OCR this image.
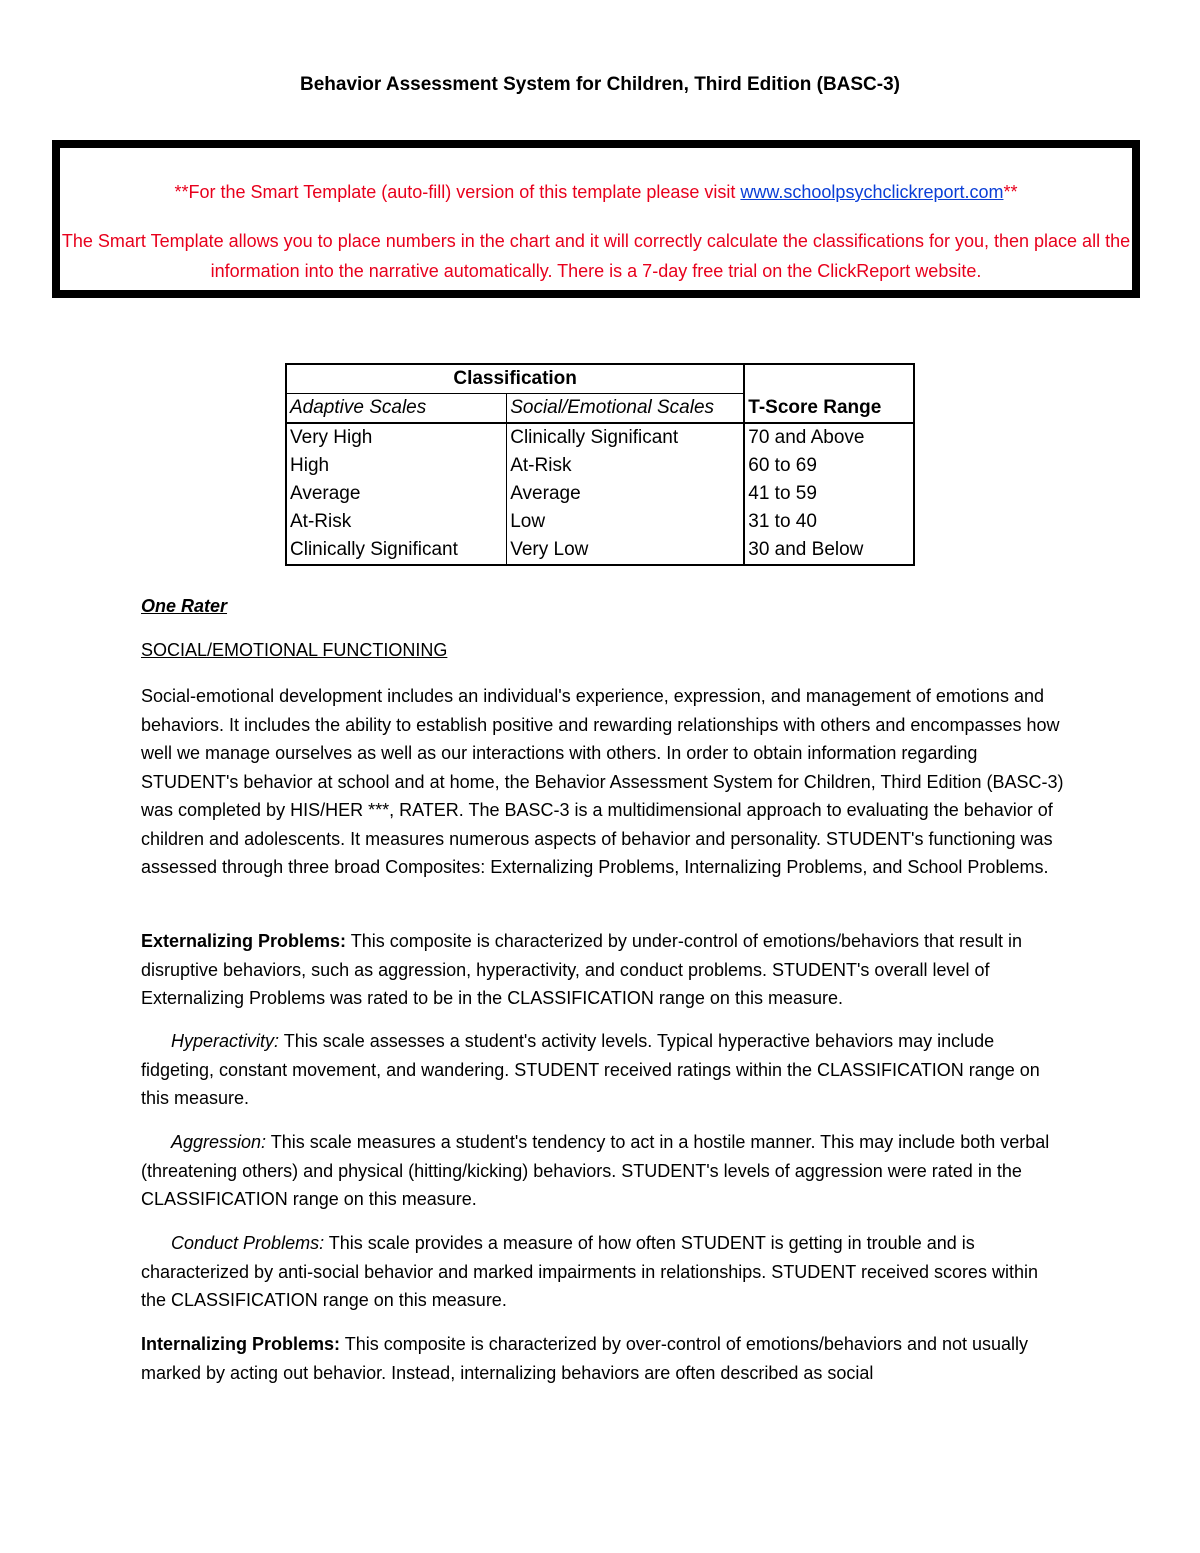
Behavior Assessment System for Children, Third Edition (BASC-3)
**For the Smart Template (auto-fill) version of this template please visit www.schoolpsychclickreport.com**
The Smart Template allows you to place numbers in the chart and it will correctly calculate the classifications for you, then place all the information into the narrative automatically. There is a 7-day free trial on the ClickReport website.
Classification		T-Score Range
Adaptive Scales	Social/Emotional Scales	
Very High	Clinically Significant	70 and Above
High	At-Risk	60 to 69
Average	Average	41 to 59
At-Risk	Low	31 to 40
Clinically Significant	Very Low	30 and Below
One Rater
SOCIAL/EMOTIONAL FUNCTIONING

Social-emotional development includes an individual's experience, expression, and management of emotions and behaviors. It includes the ability to establish positive and rewarding relationships with others and encompasses how well we manage ourselves as well as our interactions with others. In order to obtain information regarding STUDENT's behavior at school and at home, the Behavior Assessment System for Children, Third Edition (BASC-3) was completed by HIS/HER ***, RATER. The BASC-3 is a multidimensional approach to evaluating the behavior of children and adolescents. It measures numerous aspects of behavior and personality. STUDENT's functioning was assessed through three broad Composites: Externalizing Problems, Internalizing Problems, and School Problems.

Externalizing Problems: This composite is characterized by under-control of emotions/behaviors that result in disruptive behaviors, such as aggression, hyperactivity, and conduct problems. STUDENT's overall level of Externalizing Problems was rated to be in the CLASSIFICATION range on this measure.

Hyperactivity: This scale assesses a student's activity levels. Typical hyperactive behaviors may include fidgeting, constant movement, and wandering. STUDENT received ratings within the CLASSIFICATION range on this measure.

Aggression: This scale measures a student's tendency to act in a hostile manner. This may include both verbal (threatening others) and physical (hitting/kicking) behaviors. STUDENT's levels of aggression were rated in the CLASSIFICATION range on this measure.

Conduct Problems: This scale provides a measure of how often STUDENT is getting in trouble and is characterized by anti-social behavior and marked impairments in relationships. STUDENT received scores within the CLASSIFICATION range on this measure.

Internalizing Problems: This composite is characterized by over-control of emotions/behaviors and not usually marked by acting out behavior. Instead, internalizing behaviors are often described as social
